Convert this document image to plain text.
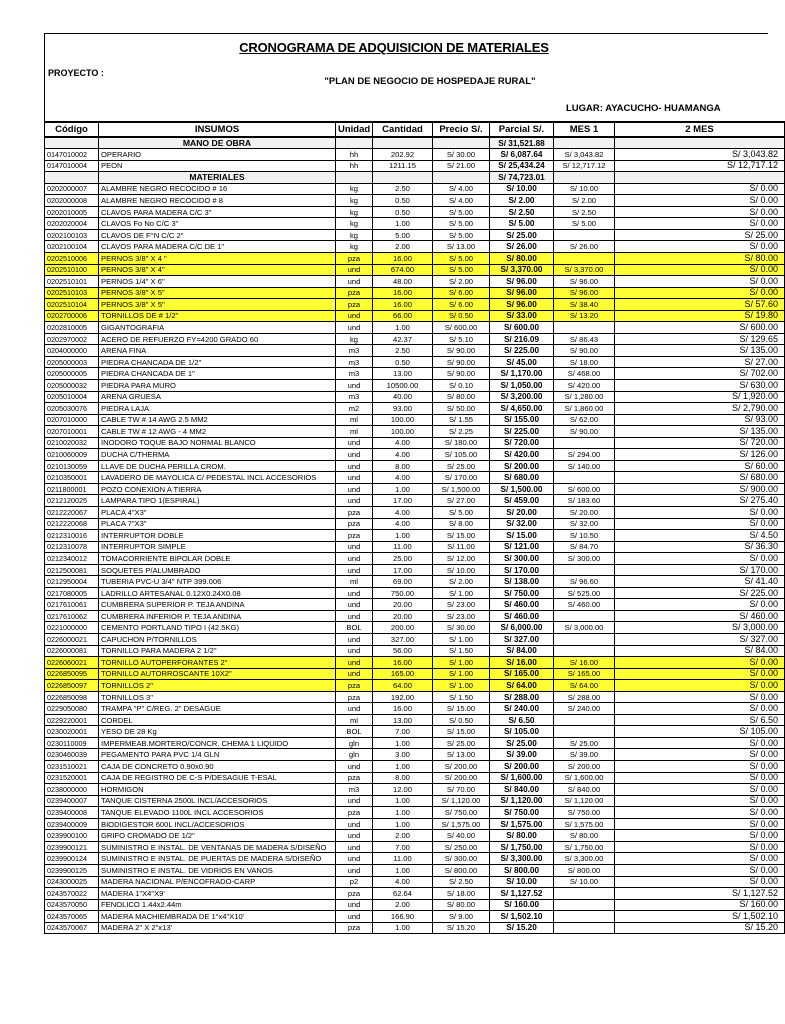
CRONOGRAMA DE ADQUISICION DE MATERIALES
PROYECTO :
"PLAN DE NEGOCIO DE HOSPEDAJE RURAL"
LUGAR: AYACUCHO- HUAMANGA
Código	INSUMOS	Unidad	Cantidad	Precio S/.	Parcial S/.	MES 1	2 MES
	MANO DE OBRA				S/ 31,521.88		
0147010002	OPERARIO	hh	202.92	S/ 30.00	S/ 6,087.64	S/ 3,043.82	S/ 3,043.82
0147010004	PEON	hh	1211.15	S/ 21.00	S/ 25,434.24	S/ 12,717.12	S/ 12,717.12
	MATERIALES				S/ 74,723.01		
0202000007	ALAMBRE NEGRO RECOCIDO # 16	kg	2.50	S/ 4.00	S/ 10.00	S/ 10.00	S/ 0.00
0202000008	ALAMBRE NEGRO RECOCIDO # 8	kg	0.50	S/ 4.00	S/ 2.00	S/ 2.00	S/ 0.00
0202010005	CLAVOS PARA MADERA C/C 3"	kg	0.50	S/ 5.00	S/ 2.50	S/ 2.50	S/ 0.00
0202020004	CLAVOS Fo No C/C 3"	kg	1.00	S/ 5.00	S/ 5.00	S/ 5.00	S/ 0.00
0202100103	CLAVOS DE F°N C/C 2"	kg	5.00	S/ 5.00	S/ 25.00		S/ 25.00
0202100104	CLAVOS PARA MADERA C/C DE 1"	kg	2.00	S/ 13.00	S/ 26.00	S/ 26.00	S/ 0.00
0202510006	PERNOS 3/8" X 4 "	pza	16.00	S/ 5.00	S/ 80.00		S/ 80.00
0202510100	PERNOS 3/8" X 4"	und	674.00	S/ 5.00	S/ 3,370.00	S/ 3,370.00	S/ 0.00
0202510101	PERNOS 1/4" X 6"	und	48.00	S/ 2.00	S/ 96.00	S/ 96.00	S/ 0.00
0202510103	PERNOS 3/8" X 5"	pza	16.00	S/ 6.00	S/ 96.00	S/ 96.00	S/ 0.00
0202510104	PERNOS 3/8" X 5"	pza	16.00	S/ 6.00	S/ 96.00	S/ 38.40	S/ 57.60
0202700006	TORNILLOS DE # 1/2"	und	66.00	S/ 0.50	S/ 33.00	S/ 13.20	S/ 19.80
0202810005	GIGANTOGRAFIA	und	1.00	S/ 600.00	S/ 600.00		S/ 600.00
0202970002	ACERO DE REFUERZO FY=4200 GRADO 60	kg	42.37	S/ 5.10	S/ 216.09	S/ 86.43	S/ 129.65
0204000000	ARENA FINA	m3	2.50	S/ 90.00	S/ 225.00	S/ 90.00	S/ 135.00
0205000003	PIEDRA CHANCADA DE 1/2"	m3	0.50	S/ 90.00	S/ 45.00	S/ 18.00	S/ 27.00
0205000005	PIEDRA CHANCADA DE 1"	m3	13.00	S/ 90.00	S/ 1,170.00	S/ 468.00	S/ 702.00
0205000032	PIEDRA PARA MURO	und	10500.00	S/ 0.10	S/ 1,050.00	S/ 420.00	S/ 630.00
0205010004	ARENA GRUESA	m3	40.00	S/ 80.00	S/ 3,200.00	S/ 1,280.00	S/ 1,920.00
0205030076	PIEDRA LAJA	m2	93.00	S/ 50.00	S/ 4,650.00	S/ 1,860.00	S/ 2,790.00
0207010000	CABLE TW # 14 AWG 2.5 MM2	ml	100.00	S/ 1.55	S/ 155.00	S/ 62.00	S/ 93.00
0207010001	CABLE TW # 12 AWG - 4 MM2	ml	100.00	S/ 2.25	S/ 225.00	S/ 90.00	S/ 135.00
0210020032	INODORO TOQUE BAJO NORMAL BLANCO	und	4.00	S/ 180.00	S/ 720.00		S/ 720.00
0210060009	DUCHA C/THERMA	und	4.00	S/ 105.00	S/ 420.00	S/ 294.00	S/ 126.00
0210130059	LLAVE DE DUCHA PERILLA CROM.	und	8.00	S/ 25.00	S/ 200.00	S/ 140.00	S/ 60.00
0210350001	LAVADERO DE MAYOLICA C/ PEDESTAL INCL ACCESORIOS	und	4.00	S/ 170.00	S/ 680.00		S/ 680.00
0211800001	POZO CONEXION A TIERRA	und	1.00	S/ 1,500.00	S/ 1,500.00	S/ 600.00	S/ 900.00
0212120025	LAMPARA TIPO 1(ESPIRAL)	und	17.00	S/ 27.00	S/ 459.00	S/ 183.60	S/ 275.40
0212220067	PLACA 4"X3"	pza	4.00	S/ 5.00	S/ 20.00	S/ 20.00	S/ 0.00
0212220068	PLACA 7"X3"	pza	4.00	S/ 8.00	S/ 32.00	S/ 32.00	S/ 0.00
0212310016	INTERRUPTOR DOBLE	pza	1.00	S/ 15.00	S/ 15.00	S/ 10.50	S/ 4.50
0212310078	INTERRUPTOR SIMPLE	und	11.00	S/ 11.00	S/ 121.00	S/ 84.70	S/ 36.30
0212340012	TOMACORRIENTE BIPOLAR DOBLE	und	25.00	S/ 12.00	S/ 300.00	S/ 300.00	S/ 0.00
0212500081	SOQUETES P/ALUMBRADO	und	17.00	S/ 10.00	S/ 170.00		S/ 170.00
0212950004	TUBERIA PVC-U 3/4" NTP 399.006	ml	69.00	S/ 2.00	S/ 138.00	S/ 96.60	S/ 41.40
0217080005	LADRILLO ARTESANAL 0.12X0.24X0.08	und	750.00	S/ 1.00	S/ 750.00	S/ 525.00	S/ 225.00
0217610061	CUMBRERA SUPERIOR P. TEJA ANDINA	und	20.00	S/ 23.00	S/ 460.00	S/ 460.00	S/ 0.00
0217610062	CUMBRERA INFERIOR P. TEJA ANDINA	und	20.00	S/ 23.00	S/ 460.00		S/ 460.00
0221000000	CEMENTO PORTLAND TIPO I (42.5KG)	BOL	200.00	S/ 30.00	S/ 6,000.00	S/ 3,000.00	S/ 3,000.00
0226000021	CAPUCHON P/TORNILLOS	und	327.00	S/ 1.00	S/ 327.00		S/ 327.00
0226000081	TORNILLO PARA MADERA 2 1/2"	und	56.00	S/ 1.50	S/ 84.00		S/ 84.00
0226060021	TORNILLO AUTOPERFORANTES 2"	und	16.00	S/ 1.00	S/ 16.00	S/ 16.00	S/ 0.00
0226850095	TORNILLO AUTORROSCANTE 10X2"	und	165.00	S/ 1.00	S/ 165.00	S/ 165.00	S/ 0.00
0226850097	TORNILLOS 2"	pza	64.00	S/ 1.00	S/ 64.00	S/ 64.00	S/ 0.00
0226850098	TORNILLOS 3"	pza	192.00	S/ 1.50	S/ 288.00	S/ 288.00	S/ 0.00
0229050080	TRAMPA "P" C/REG. 2" DESAGUE	und	16.00	S/ 15.00	S/ 240.00	S/ 240.00	S/ 0.00
0229220001	CORDEL	ml	13.00	S/ 0.50	S/ 6.50		S/ 6.50
0230020001	YESO DE 28 Kg	BOL	7.00	S/ 15.00	S/ 105.00		S/ 105.00
0230110009	IMPERMEAB.MORTERO/CONCR. CHEMA 1 LIQUIDO	gln	1.00	S/ 25.00	S/ 25.00	S/ 25.00	S/ 0.00
0230460039	PEGAMENTO PARA PVC 1/4 GLN	gln	3.00	S/ 13.00	S/ 39.00	S/ 39.00	S/ 0.00
0231510021	CAJA DE CONCRETO 0.90x0.90	und	1.00	S/ 200.00	S/ 200.00	S/ 200.00	S/ 0.00
0231520001	CAJA DE REGISTRO DE C-S P/DESAGUE T-ESAL	pza	8.00	S/ 200.00	S/ 1,600.00	S/ 1,600.00	S/ 0.00
0238000000	HORMIGON	m3	12.00	S/ 70.00	S/ 840.00	S/ 840.00	S/ 0.00
0239400007	TANQUE CISTERNA 2500L INCL/ACCESORIOS	und	1.00	S/ 1,120.00	S/ 1,120.00	S/ 1,120.00	S/ 0.00
0239400008	TANQUE ELEVADO 1100L INCL ACCESORIOS	pza	1.00	S/ 750.00	S/ 750.00	S/ 750.00	S/ 0.00
0239400009	BIODIGESTOR 600L INCL/ACCESORIOS	und	1.00	S/ 1,575.00	S/ 1,575.00	S/ 1,575.00	S/ 0.00
0239900100	GRIFO CROMADO DE 1/2"	und	2.00	S/ 40.00	S/ 80.00	S/ 80.00	S/ 0.00
0239900121	SUMINISTRO E INSTAL. DE VENTANAS DE MADERA S/DISEÑO	und	7.00	S/ 250.00	S/ 1,750.00	S/ 1,750.00	S/ 0.00
0239900124	SUMINISTRO E INSTAL. DE PUERTAS DE MADERA S/DISEÑO	und	11.00	S/ 300.00	S/ 3,300.00	S/ 3,300.00	S/ 0.00
0239900125	SUMINISTRO E INSTAL. DE VIDRIOS EN VANOS	und	1.00	S/ 800.00	S/ 800.00	S/ 800.00	S/ 0.00
0243000025	MADERA NACIONAL P/ENCOFRADO-CARP	p2	4.00	S/ 2.50	S/ 10.00	S/ 10.00	S/ 0.00
0243570022	MADERA 1"X4"X9'	pza	62.64	S/ 18.00	S/ 1,127.52		S/ 1,127.52
0243570050	FENOLICO 1.44x2.44m	und	2.00	S/ 80.00	S/ 160.00		S/ 160.00
0243570065	MADERA MACHIEMBRADA DE 1"x4"X10'	und	166.90	S/ 9.00	S/ 1,502.10		S/ 1,502.10
0243570067	MADERA 2" X 2"x13'	pza	1.00	S/ 15.20	S/ 15.20		S/ 15.20
